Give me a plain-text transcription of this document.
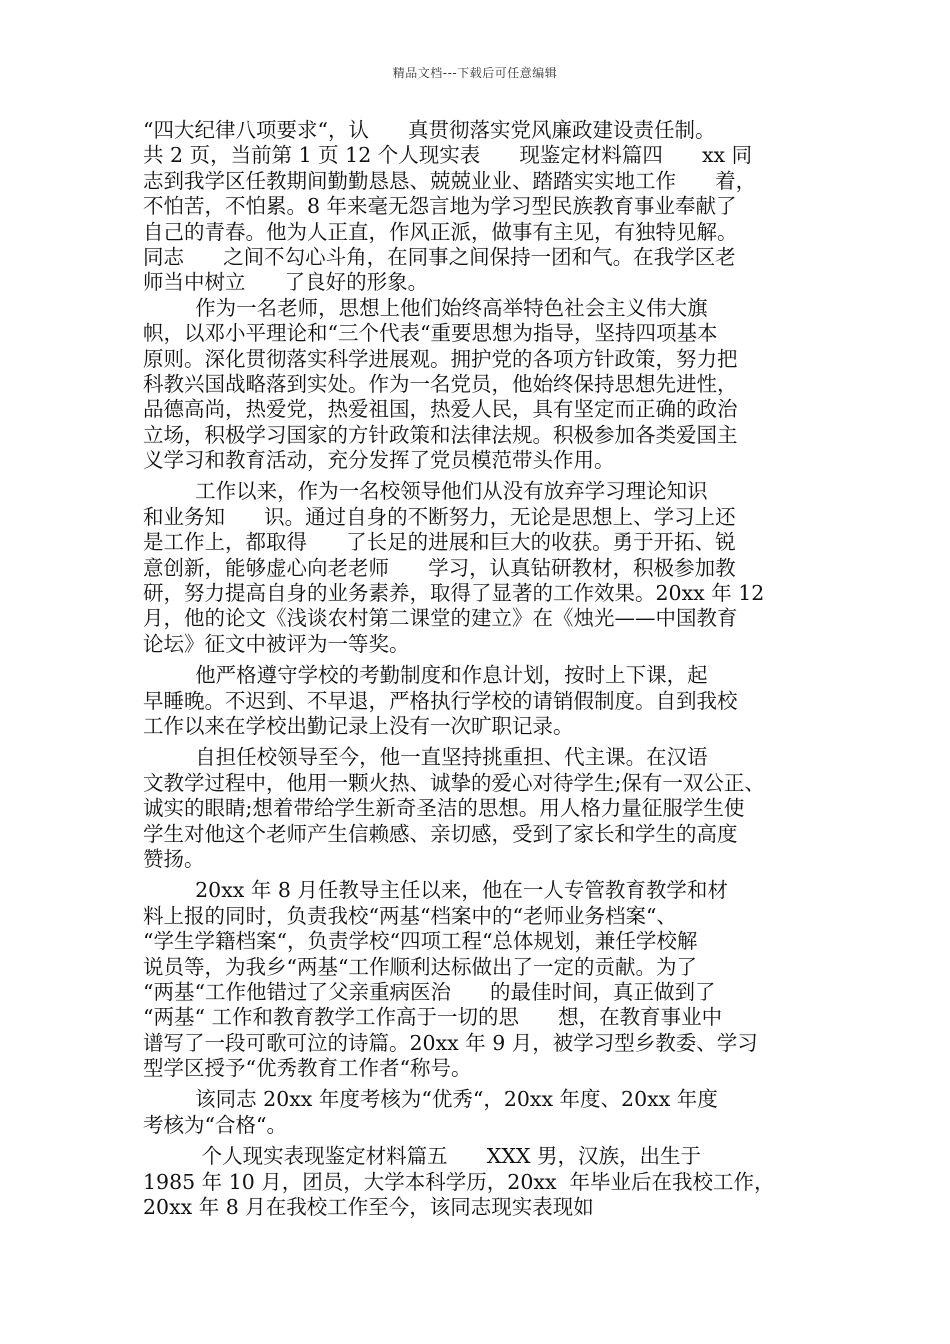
精品文档---下载后可任意编辑
“四大纪律八项要求“，认      真贯彻落实党风廉政建设责任制。
共 2 页，当前第 1 页 12 个人现实表      现鉴定材料篇四      xx 同
志到我学区任教期间勤勤恳恳、兢兢业业、踏踏实实地工作      着，
不怕苦，不怕累。8 年来毫无怨言地为学习型民族教育事业奉献了
自己的青春。他为人正直，作风正派，做事有主见，有独特见解。
同志      之间不勾心斗角，在同事之间保持一团和气。在我学区老
师当中树立      了良好的形象。
作为一名老师，思想上他们始终高举特色社会主义伟大旗
帜，以邓小平理论和“三个代表“重要思想为指导，坚持四项基本
原则。深化贯彻落实科学进展观。拥护党的各项方针政策，努力把
科教兴国战略落到实处。作为一名党员，他始终保持思想先进性，
品德高尚，热爱党，热爱祖国，热爱人民，具有坚定而正确的政治
立场，积极学习国家的方针政策和法律法规。积极参加各类爱国主
义学习和教育活动，充分发挥了党员模范带头作用。
工作以来，作为一名校领导他们从没有放弃学习理论知识
和业务知      识。通过自身的不断努力，无论是思想上、学习上还
是工作上，都取得      了长足的进展和巨大的收获。勇于开拓、锐
意创新，能够虚心向老老师      学习，认真钻研教材，积极参加教
研，努力提高自身的业务素养，取得了显著的工作效果。20xx 年 12
月，他的论文《浅谈农村第二课堂的建立》在《烛光——中国教育
论坛》征文中被评为一等奖。
他严格遵守学校的考勤制度和作息计划，按时上下课，起
早睡晚。不迟到、不早退，严格执行学校的请销假制度。自到我校
工作以来在学校出勤记录上没有一次旷职记录。
自担任校领导至今，他一直坚持挑重担、代主课。在汉语
文教学过程中，他用一颗火热、诚挚的爱心对待学生;保有一双公正、
诚实的眼睛;想着带给学生新奇圣洁的思想。用人格力量征服学生使
学生对他这个老师产生信赖感、亲切感，受到了家长和学生的高度
赞扬。
20xx 年 8 月任教导主任以来，他在一人专管教育教学和材
料上报的同时，负责我校“两基“档案中的“老师业务档案“、
“学生学籍档案“，负责学校“四项工程“总体规划，兼任学校解
说员等，为我乡“两基“工作顺利达标做出了一定的贡献。为了
“两基“工作他错过了父亲重病医治      的最佳时间，真正做到了
“两基“ 工作和教育教学工作高于一切的思      想，在教育事业中
谱写了一段可歌可泣的诗篇。20xx 年 9 月，被学习型乡教委、学习
型学区授予“优秀教育工作者“称号。
该同志 20xx 年度考核为“优秀“，20xx 年度、20xx 年度
考核为“合格“。
个人现实表现鉴定材料篇五      XXX 男，汉族，出生于
1985 年 10 月，团员，大学本科学历，20xx  年毕业后在我校工作，
20xx 年 8 月在我校工作至今，该同志现实表现如
